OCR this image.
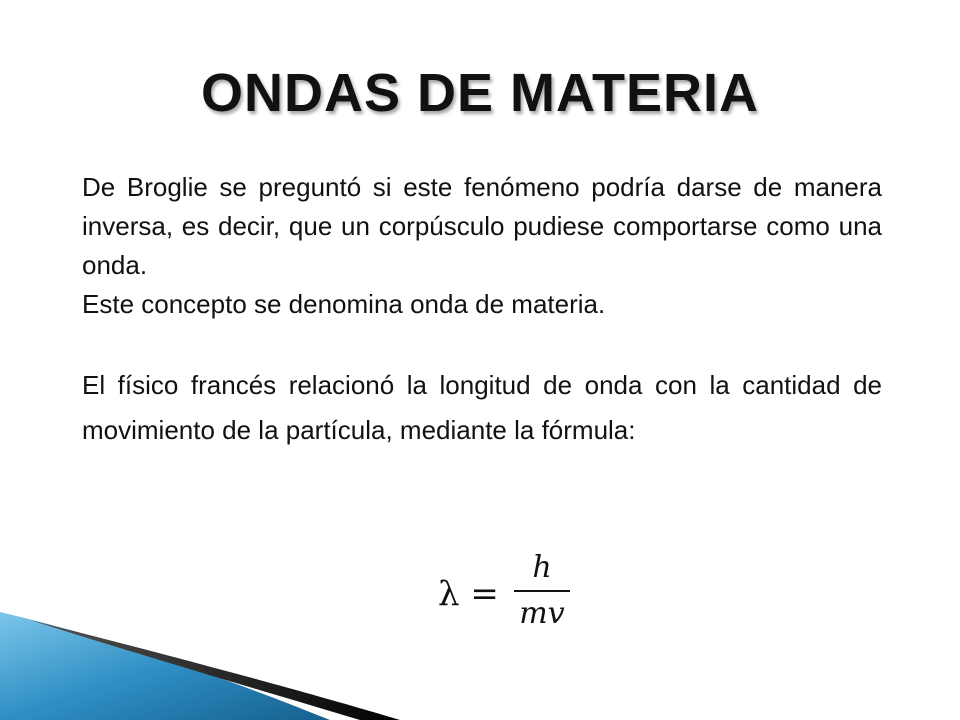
ONDAS DE MATERIA

De Broglie se preguntó si este fenómeno podría darse de manera inversa, es decir, que un corpúsculo pudiese comportarse como una onda.

Este concepto se denomina onda de materia.

El físico francés relacionó la longitud de onda con la cantidad de movimiento de la partícula, mediante la fórmula:

λ =
h
mv
